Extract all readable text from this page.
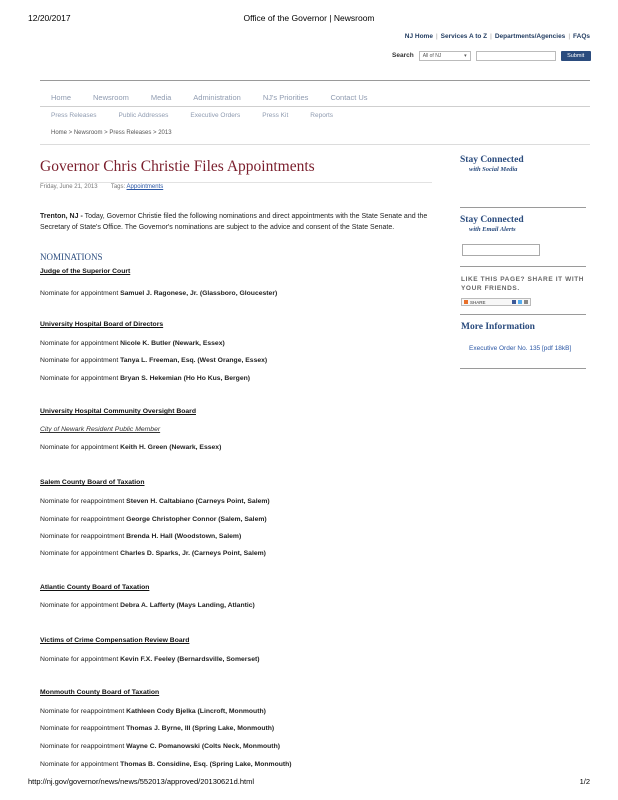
12/20/2017	Office of the Governor | Newsroom
NJ Home | Services A to Z | Departments/Agencies | FAQs
Search All of NJ	▾	Submit
Home	Newsroom	Media	Administration	NJ's Priorities	Contact Us
Press Releases	Public Addresses	Executive Orders	Press Kit	Reports
Home > Newsroom > Press Releases > 2013
Governor Chris Christie Files Appointments
Friday, June 21, 2013 Tags: Appointments
Trenton, NJ - Today, Governor Christie filed the following nominations and direct appointments with the State Senate and the Secretary of State's Office. The Governor's nominations are subject to the advice and consent of the State Senate.
NOMINATIONS
Judge of the Superior Court
Nominate for appointment Samuel J. Ragonese, Jr. (Glassboro, Gloucester)
University Hospital Board of Directors
Nominate for appointment Nicole K. Butler (Newark, Essex)
Nominate for appointment Tanya L. Freeman, Esq. (West Orange, Essex)
Nominate for appointment Bryan S. Hekemian (Ho Ho Kus, Bergen)
University Hospital Community Oversight Board
City of Newark Resident Public Member
Nominate for appointment Keith H. Green (Newark, Essex)
Salem County Board of Taxation
Nominate for reappointment Steven H. Caltabiano (Carneys Point, Salem)
Nominate for reappointment George Christopher Connor (Salem, Salem)
Nominate for reappointment Brenda H. Hall (Woodstown, Salem)
Nominate for appointment Charles D. Sparks, Jr. (Carneys Point, Salem)
Atlantic County Board of Taxation
Nominate for appointment Debra A. Lafferty (Mays Landing, Atlantic)
Victims of Crime Compensation Review Board
Nominate for appointment Kevin F.X. Feeley (Bernardsville, Somerset)
Monmouth County Board of Taxation
Nominate for reappointment Kathleen Cody Bjelka (Lincroft, Monmouth)
Nominate for reappointment Thomas J. Byrne, III (Spring Lake, Monmouth)
Nominate for reappointment Wayne C. Pomanowski (Colts Neck, Monmouth)
Nominate for appointment Thomas B. Considine, Esq. (Spring Lake, Monmouth)
Stay Connected
with Social Media
Stay Connected
with Email Alerts
LIKE THIS PAGE? SHARE IT WITH YOUR FRIENDS.
SHARE
More Information
Executive Order No. 135 [pdf 18kB]
http://nj.gov/governor/news/news/552013/approved/20130621d.html	1/2
